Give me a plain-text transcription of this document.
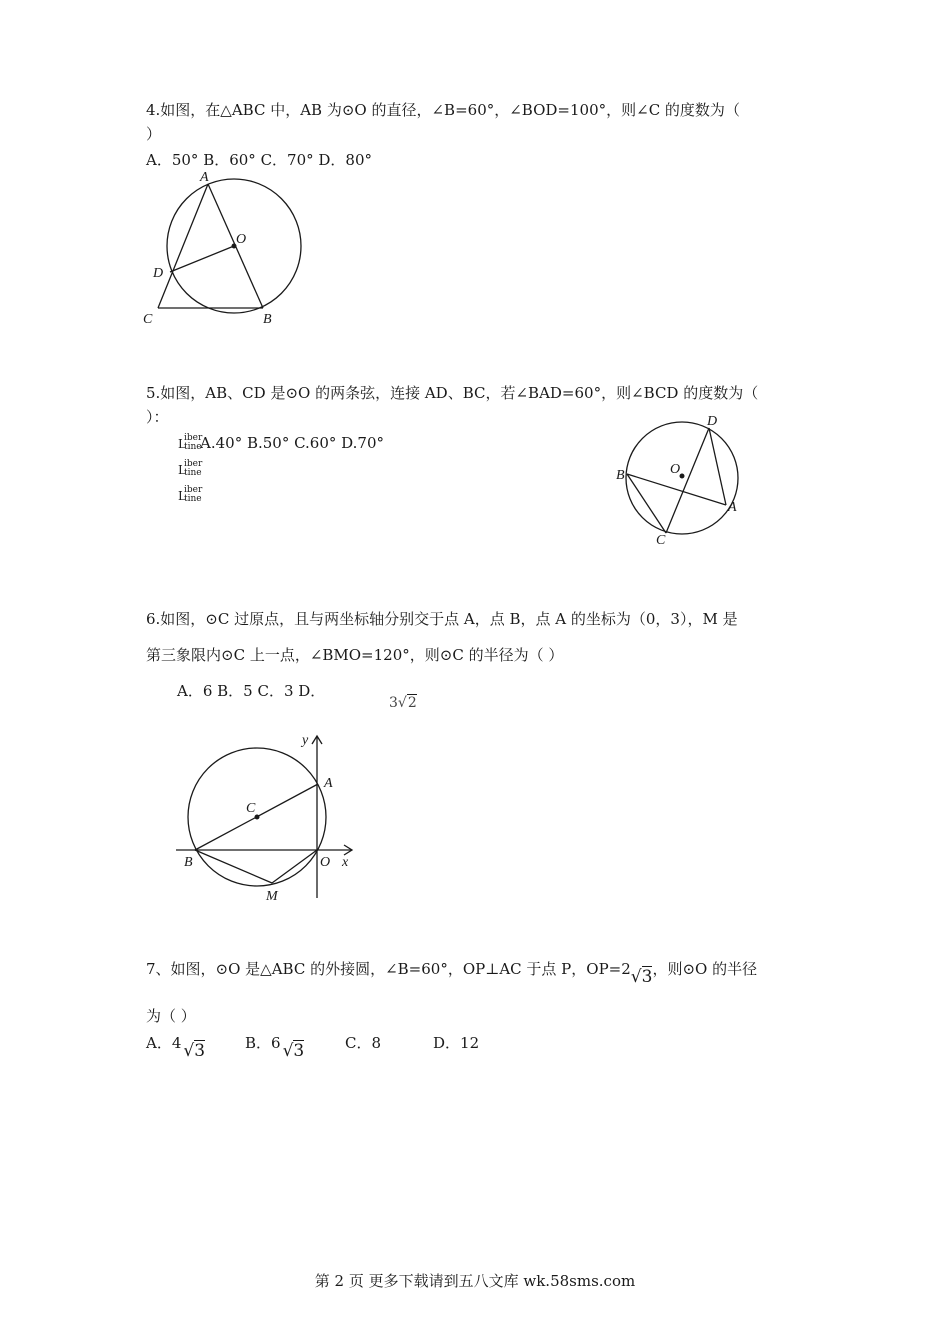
4.如图，在△ABC 中，AB 为⊙O 的直径，∠B=60°，∠BOD=100°，则∠C 的度数为（
）
A．50° B．60° C．70° D．80°
A
O
D
C	B
5.如图，AB、CD 是⊙O 的两条弦，连接 AD、BC，若∠BAD=60°，则∠BCD 的度数为（
）：
L
iber
tine
A.40° B.50° C.60° D.70°
L
iber
tine
L
iber
tine
D
O
B
A
C
6.如图，⊙C 过原点，且与两坐标轴分别交于点 A，点 B，点 A 的坐标为（0，3），M 是
第三象限内⊙C 上一点，∠BMO=120°，则⊙C 的半径为（ ）
A．6 B．5 C．3 D．
3√2
y
A
C
B	O x
M
7、如图，⊙O 是△ABC 的外接圆，∠B=60°，OP⊥AC 于点 P，OP=2√3，则⊙O 的半径
为（ ）
A．4 √3	B．6 √3	C．8	D．12
第 2 页 更多下载请到五八文库 wk.58sms.com
